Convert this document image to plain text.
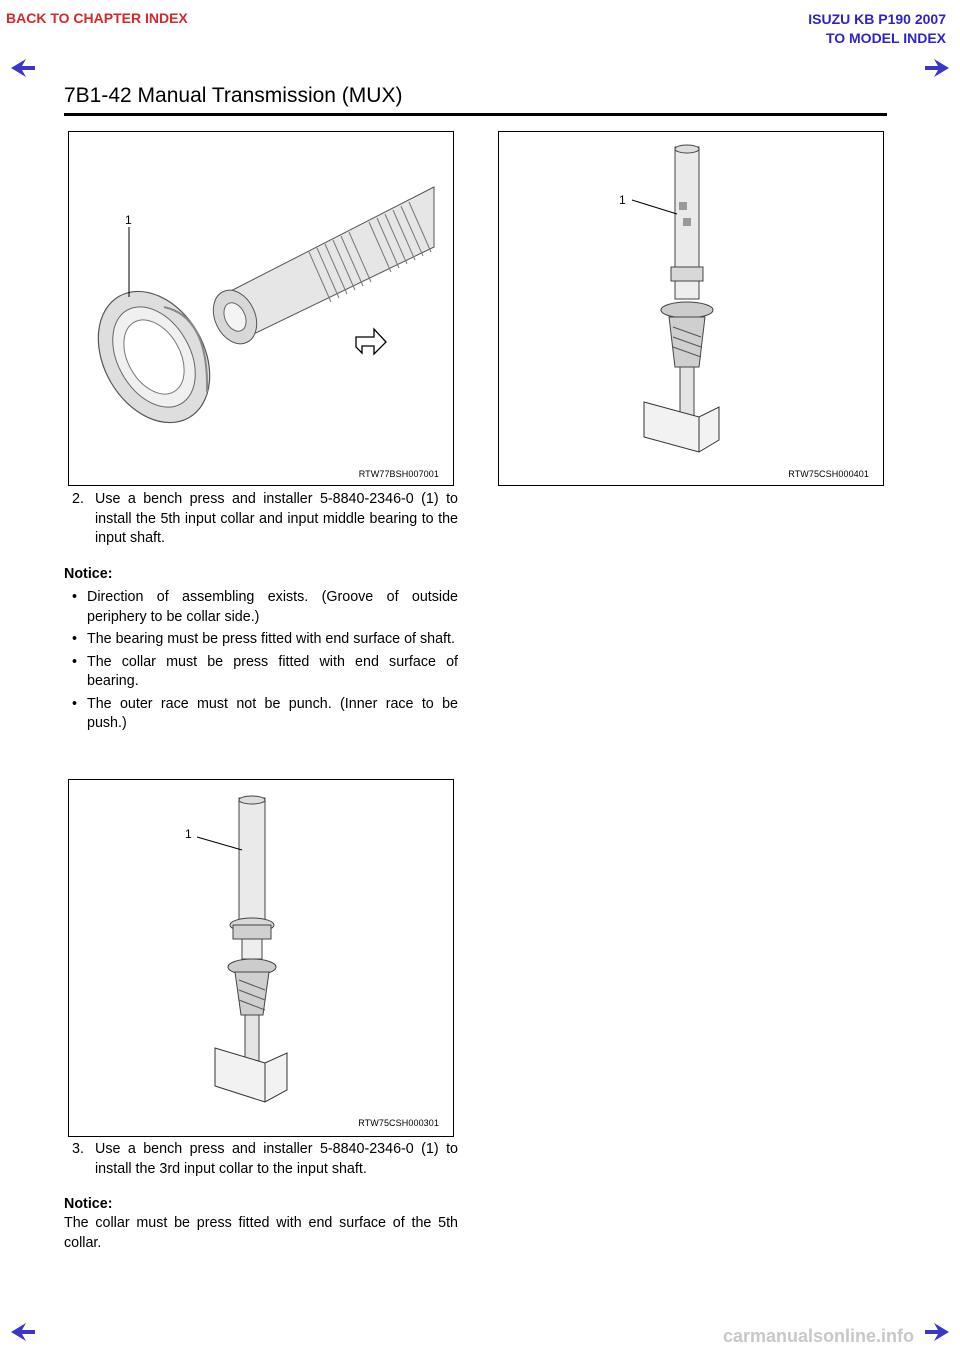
BACK TO CHAPTER INDEX	ISUZU KB P190 2007
TO MODEL INDEX
7B1-42 Manual Transmission (MUX)
1
RTW77BSH007001
1
RTW75CSH000401
2. Use a bench press and installer 5-8840-2346-0 (1) to install the 5th input collar and input middle bearing to the input shaft.
Notice:
• Direction of assembling exists. (Groove of outside periphery to be collar side.)
• The bearing must be press fitted with end surface of shaft.
• The collar must be press fitted with end surface of bearing.
• The outer race must not be punch. (Inner race to be push.)
1
RTW75CSH000301
3. Use a bench press and installer 5-8840-2346-0 (1) to install the 3rd input collar to the input shaft.
Notice:
The collar must be press fitted with end surface of the 5th collar.
carmanualsonline.info
